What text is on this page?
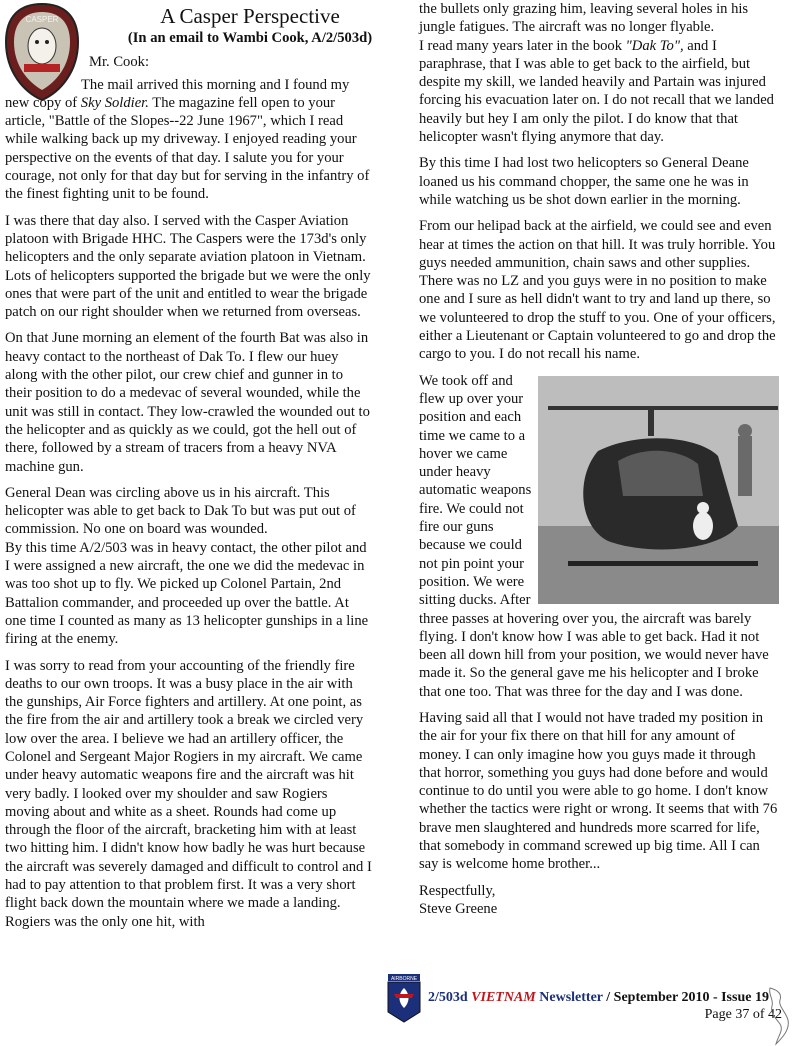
CASPER	A Casper Perspective
(In an email to Wambi Cook, A/2/503d)
Mr. Cook:

The mail arrived this morning and I found my new copy of Sky Soldier. The magazine fell open to your article, "Battle of the Slopes--22 June 1967", which I read while walking back up my driveway. I enjoyed reading your perspective on the events of that day. I salute you for your courage, not only for that day but for serving in the infantry of the finest fighting unit to be found.

I was there that day also. I served with the Casper Aviation platoon with Brigade HHC. The Caspers were the 173d's only helicopters and the only separate aviation platoon in Vietnam. Lots of helicopters supported the brigade but we were the only ones that were part of the unit and entitled to wear the brigade patch on our right shoulder when we returned from overseas.

On that June morning an element of the fourth Bat was also in heavy contact to the northeast of Dak To. I flew our huey along with the other pilot, our crew chief and gunner in to their position to do a medevac of several wounded, while the unit was still in contact. They low-crawled the wounded out to the helicopter and as quickly as we could, got the hell out of there, followed by a stream of tracers from a heavy NVA machine gun.

General Dean was circling above us in his aircraft. This helicopter was able to get back to Dak To but was put out of commission. No one on board was wounded.

By this time A/2/503 was in heavy contact, the other pilot and I were assigned a new aircraft, the one we did the medevac in was too shot up to fly. We picked up Colonel Partain, 2nd Battalion commander, and proceeded up over the battle. At one time I counted as many as 13 helicopter gunships in a line firing at the enemy.

I was sorry to read from your accounting of the friendly fire deaths to our own troops. It was a busy place in the air with the gunships, Air Force fighters and artillery. At one point, as the fire from the air and artillery took a break we circled very low over the area. I believe we had an artillery officer, the Colonel and Sergeant Major Rogiers in my aircraft. We came under heavy automatic weapons fire and the aircraft was hit very badly. I looked over my shoulder and saw Rogiers moving about and white as a sheet. Rounds had come up through the floor of the aircraft, bracketing him with at least two hitting him. I didn't know how badly he was hurt because the aircraft was severely damaged and difficult to control and I had to pay attention to that problem first. It was a very short flight back down the mountain where we made a landing. Rogiers was the only one hit, with

the bullets only grazing him, leaving several holes in his jungle fatigues. The aircraft was no longer flyable.

I read many years later in the book "Dak To", and I paraphrase, that I was able to get back to the airfield, but despite my skill, we landed heavily and Partain was injured forcing his evacuation later on. I do not recall that we landed heavily but hey I am only the pilot. I do know that that helicopter wasn't flying anymore that day.

By this time I had lost two helicopters so General Deane loaned us his command chopper, the same one he was in while watching us be shot down earlier in the morning.

From our helipad back at the airfield, we could see and even hear at times the action on that hill. It was truly horrible. You guys needed ammunition, chain saws and other supplies. There was no LZ and you guys were in no position to make one and I sure as hell didn't want to try and land up there, so we volunteered to drop the stuff to you. One of your officers, either a Lieutenant or Captain volunteered to go and drop the cargo to you. I do not recall his name.

We took off and flew up over your position and each time we came to a hover we came under heavy automatic weapons fire. We could not fire our guns because we could not pin point your position. We were sitting ducks. After three passes at hovering over you, the aircraft was barely flying. I don't know how I was able to get back. Had it not been all down hill from your position, we would never have made it. So the general gave me his helicopter and I broke that one too. That was three for the day and I was done.

Having said all that I would not have traded my position in the air for your fix there on that hill for any amount of money. I can only imagine how you guys made it through that horror, something you guys had done before and would continue to do until you were able to go home. I don't know whether the tactics were right or wrong. It seems that with 76 brave men slaughtered and hundreds more scarred for life, that somebody in command screwed up big time. All I can say is welcome home brother...

Respectfully,

Steve Greene

AIRBORNE
2/503d VIETNAM Newsletter / September 2010 - Issue 19
Page 37 of 42
